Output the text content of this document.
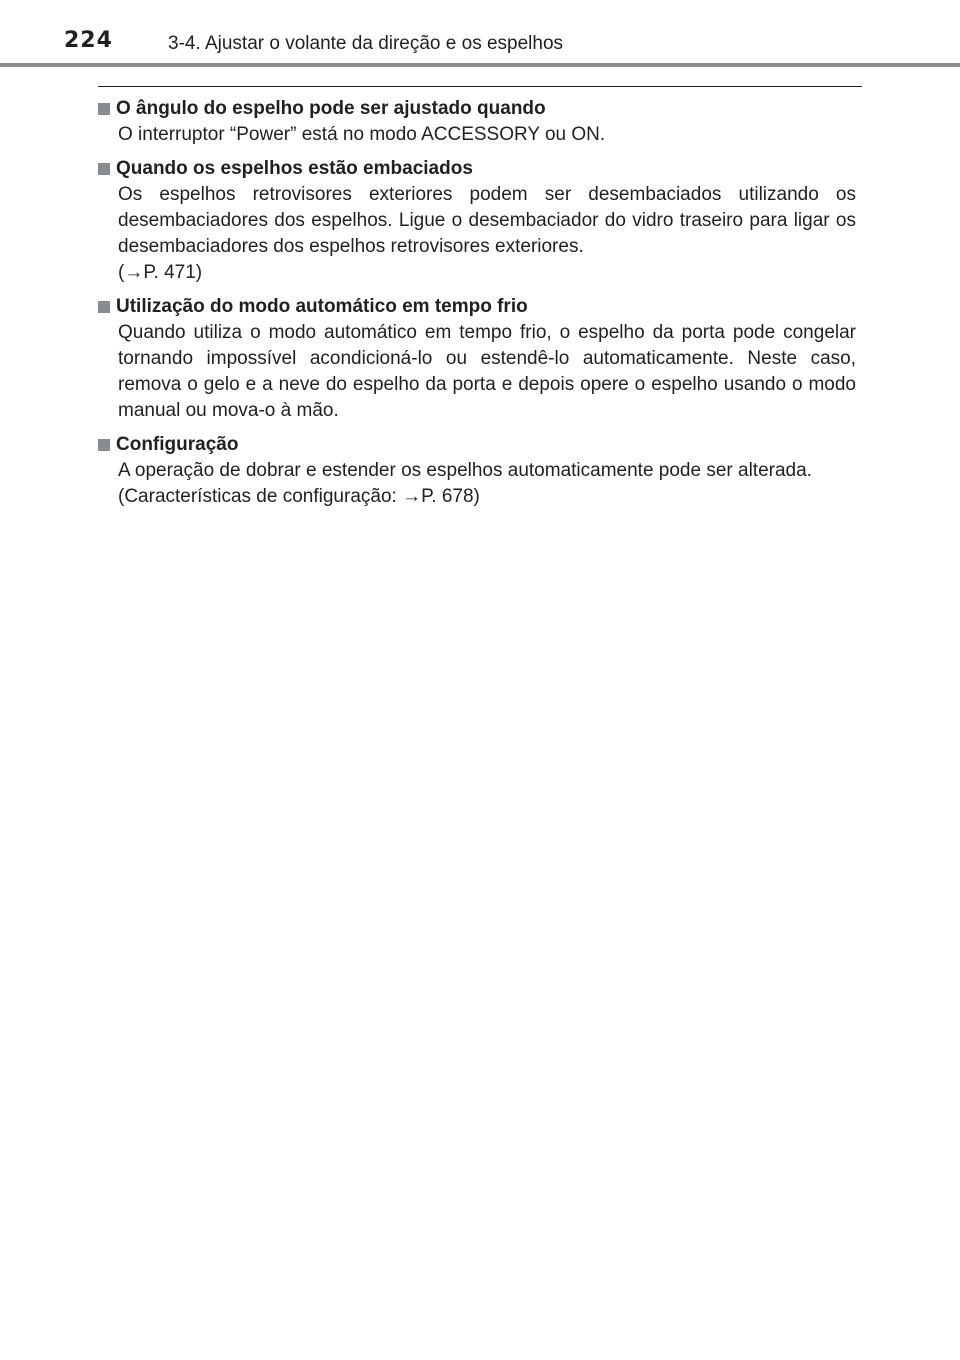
224	3-4. Ajustar o volante da direção e os espelhos
O ângulo do espelho pode ser ajustado quando

O interruptor “Power” está no modo ACCESSORY ou ON.

Quando os espelhos estão embaciados

Os espelhos retrovisores exteriores podem ser desembaciados utilizando os desembaciadores dos espelhos. Ligue o desembaciador do vidro traseiro para ligar os desembaciadores dos espelhos retrovisores exteriores.

(→P. 471)

Utilização do modo automático em tempo frio

Quando utiliza o modo automático em tempo frio, o espelho da porta pode congelar tornando impossível acondicioná-lo ou estendê-lo automaticamente. Neste caso, remova o gelo e a neve do espelho da porta e depois opere o espelho usando o modo manual ou mova-o à mão.

Configuração

A operação de dobrar e estender os espelhos automaticamente pode ser alterada.

(Características de configuração: →P. 678)
